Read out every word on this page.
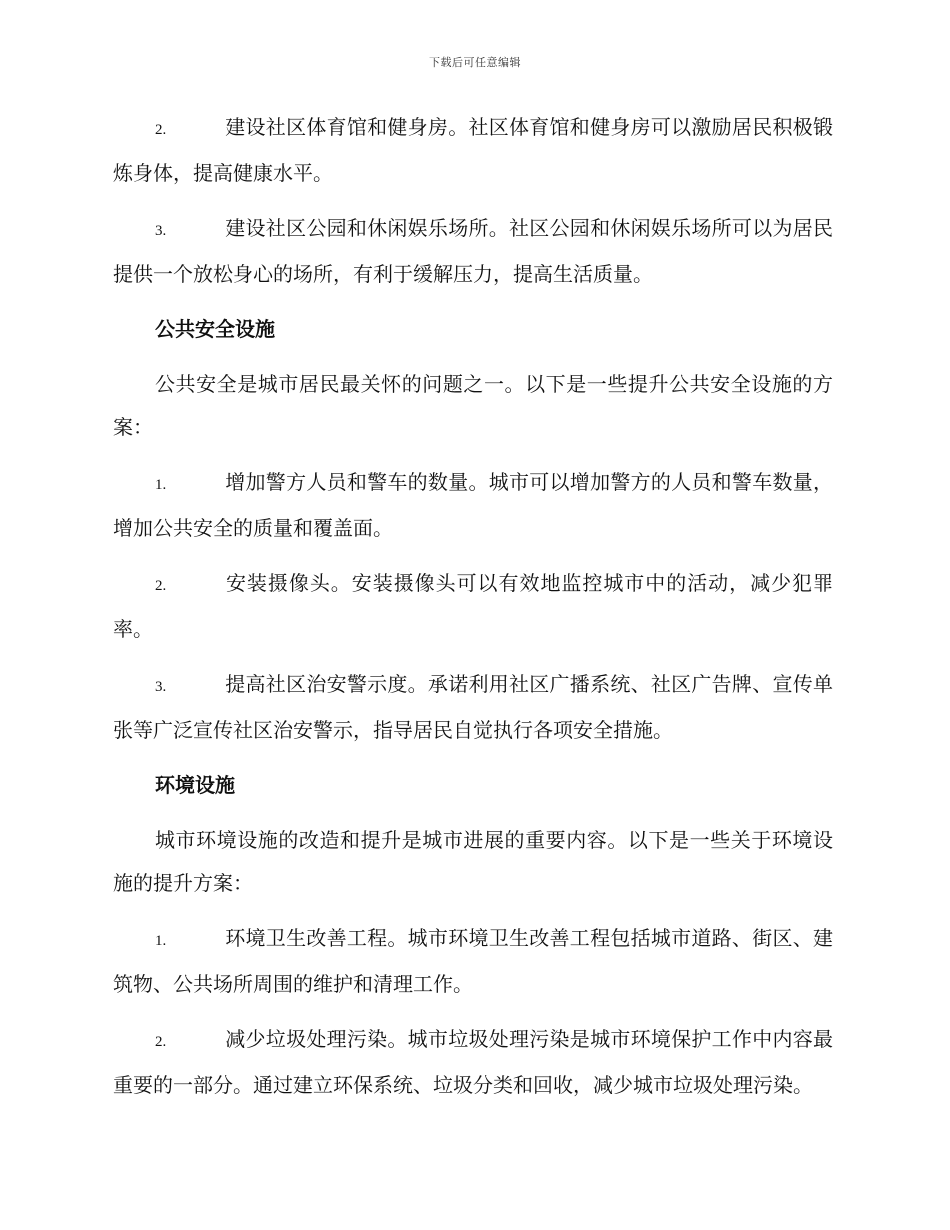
下载后可任意编辑

2.	建设社区体育馆和健身房。社区体育馆和健身房可以激励居民积极锻炼身体，提高健康水平。

3.	建设社区公园和休闲娱乐场所。社区公园和休闲娱乐场所可以为居民提供一个放松身心的场所，有利于缓解压力，提高生活质量。

公共安全设施

公共安全是城市居民最关怀的问题之一。以下是一些提升公共安全设施的方案：

1.	增加警方人员和警车的数量。城市可以增加警方的人员和警车数量，增加公共安全的质量和覆盖面。

2.	安装摄像头。安装摄像头可以有效地监控城市中的活动，减少犯罪率。

3.	提高社区治安警示度。承诺利用社区广播系统、社区广告牌、宣传单张等广泛宣传社区治安警示，指导居民自觉执行各项安全措施。

环境设施

城市环境设施的改造和提升是城市进展的重要内容。以下是一些关于环境设施的提升方案：

1.	环境卫生改善工程。城市环境卫生改善工程包括城市道路、街区、建筑物、公共场所周围的维护和清理工作。

2.	减少垃圾处理污染。城市垃圾处理污染是城市环境保护工作中内容最重要的一部分。通过建立环保系统、垃圾分类和回收，减少城市垃圾处理污染。
